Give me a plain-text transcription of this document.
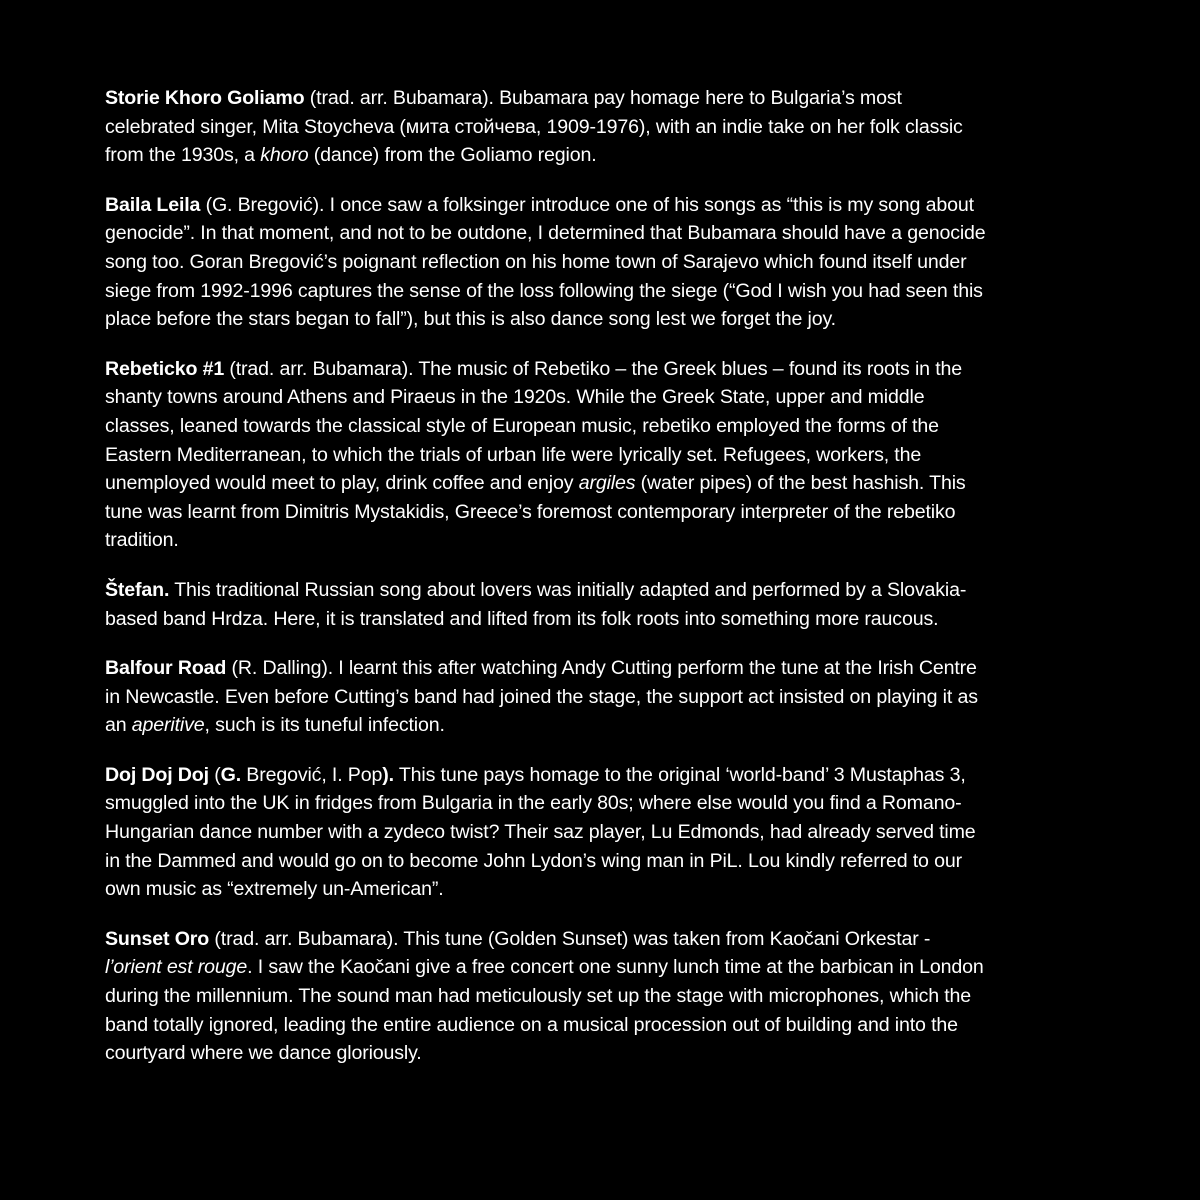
Storie Khoro Goliamo (trad. arr. Bubamara). Bubamara pay homage here to Bulgaria’s most
celebrated singer, Mita Stoycheva (мита стойчева, 1909-1976), with an indie take on her folk classic
from the 1930s, a khoro (dance) from the Goliamo region.

Baila Leila (G. Bregović). I once saw a folksinger introduce one of his songs as “this is my song about
genocide”. In that moment, and not to be outdone, I determined that Bubamara should have a genocide
song too. Goran Bregović’s poignant reflection on his home town of Sarajevo which found itself under
siege from 1992-1996 captures the sense of the loss following the siege (“God I wish you had seen this
place before the stars began to fall”), but this is also dance song lest we forget the joy.

Rebeticko #1 (trad. arr. Bubamara). The music of Rebetiko – the Greek blues – found its roots in the
shanty towns around Athens and Piraeus in the 1920s. While the Greek State, upper and middle
classes, leaned towards the classical style of European music, rebetiko employed the forms of the
Eastern Mediterranean, to which the trials of urban life were lyrically set. Refugees, workers, the
unemployed would meet to play, drink coffee and enjoy argiles (water pipes) of the best hashish. This
tune was learnt from Dimitris Mystakidis, Greece’s foremost contemporary interpreter of the rebetiko
tradition.

Štefan. This traditional Russian song about lovers was initially adapted and performed by a Slovakia-
based band Hrdza. Here, it is translated and lifted from its folk roots into something more raucous.

Balfour Road (R. Dalling). I learnt this after watching Andy Cutting perform the tune at the Irish Centre
in Newcastle. Even before Cutting’s band had joined the stage, the support act insisted on playing it as
an aperitive, such is its tuneful infection.

Doj Doj Doj (G. Bregović, I. Pop). This tune pays homage to the original ‘world-band’ 3 Mustaphas 3,
smuggled into the UK in fridges from Bulgaria in the early 80s; where else would you find a Romano-
Hungarian dance number with a zydeco twist? Their saz player, Lu Edmonds, had already served time
in the Dammed and would go on to become John Lydon’s wing man in PiL. Lou kindly referred to our
own music as “extremely un-American”.

Sunset Oro (trad. arr. Bubamara). This tune (Golden Sunset) was taken from Kaočani Orkestar -
l’orient est rouge. I saw the Kaočani give a free concert one sunny lunch time at the barbican in London
during the millennium. The sound man had meticulously set up the stage with microphones, which the
band totally ignored, leading the entire audience on a musical procession out of building and into the
courtyard where we dance gloriously.
